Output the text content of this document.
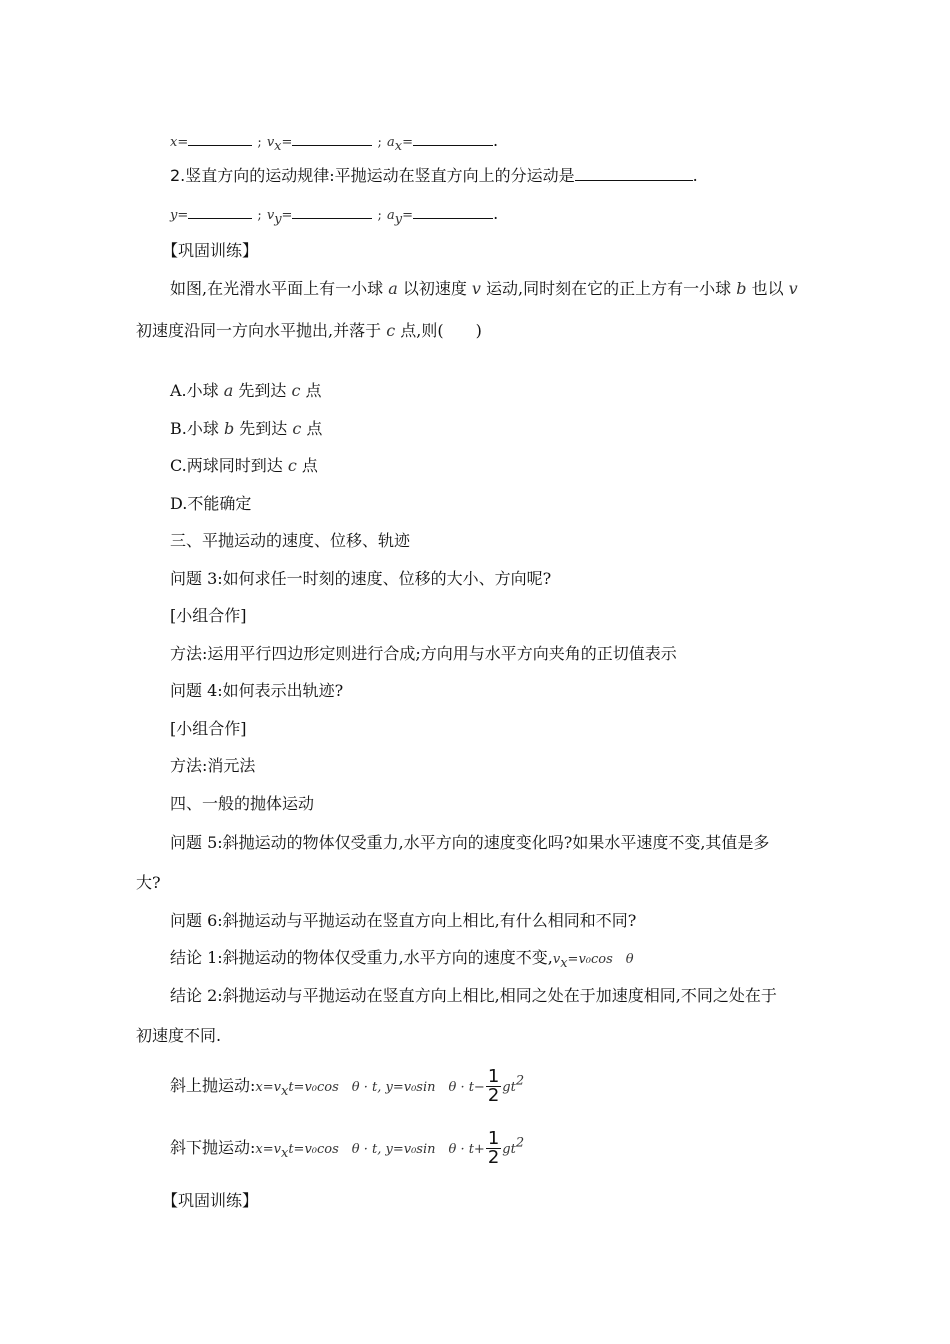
x=	; $v_x=$	; $a_x=$	.
2.竖直方向的运动规律:平抛运动在竖直方向上的分运动是	.
y=	; $v_y=$	; $a_y=$	.
【巩固训练】
如图,在光滑水平面上有一小球 a 以初速度 v 运动,同时刻在它的正上方有一小球 b 也以 v
初速度沿同一方向水平抛出,并落于 c 点,则(　　)
A.小球 a 先到达 c 点
B.小球 b 先到达 c 点
C.两球同时到达 c 点
D.不能确定
三、平抛运动的速度、位移、轨迹
问题 3:如何求任一时刻的速度、位移的大小、方向呢?
[小组合作]
方法:运用平行四边形定则进行合成;方向用与水平方向夹角的正切值表示
问题 4:如何表示出轨迹?
[小组合作]
方法:消元法
四、一般的抛体运动
问题 5:斜抛运动的物体仅受重力,水平方向的速度变化吗?如果水平速度不变,其值是多
大?
问题 6:斜抛运动与平抛运动在竖直方向上相比,有什么相同和不同?
结论 1:斜抛运动的物体仅受重力,水平方向的速度不变$,v_x=v_0\cos$　θ
结论 2:斜抛运动与平抛运动在竖直方向上相比,相同之处在于加速度相同,不同之处在于
初速度不同.
斜上抛运动$:x=v_xt=v_0\cos$　θ · t, y=v₀sin　$\theta \cdot t- \frac{1}{2} gt^2$
斜下抛运动$:x=v_xt=v_0\cos$　θ · t, y=v₀sin　$\theta \cdot t+ \frac{1}{2} gt^2$
【巩固训练】
